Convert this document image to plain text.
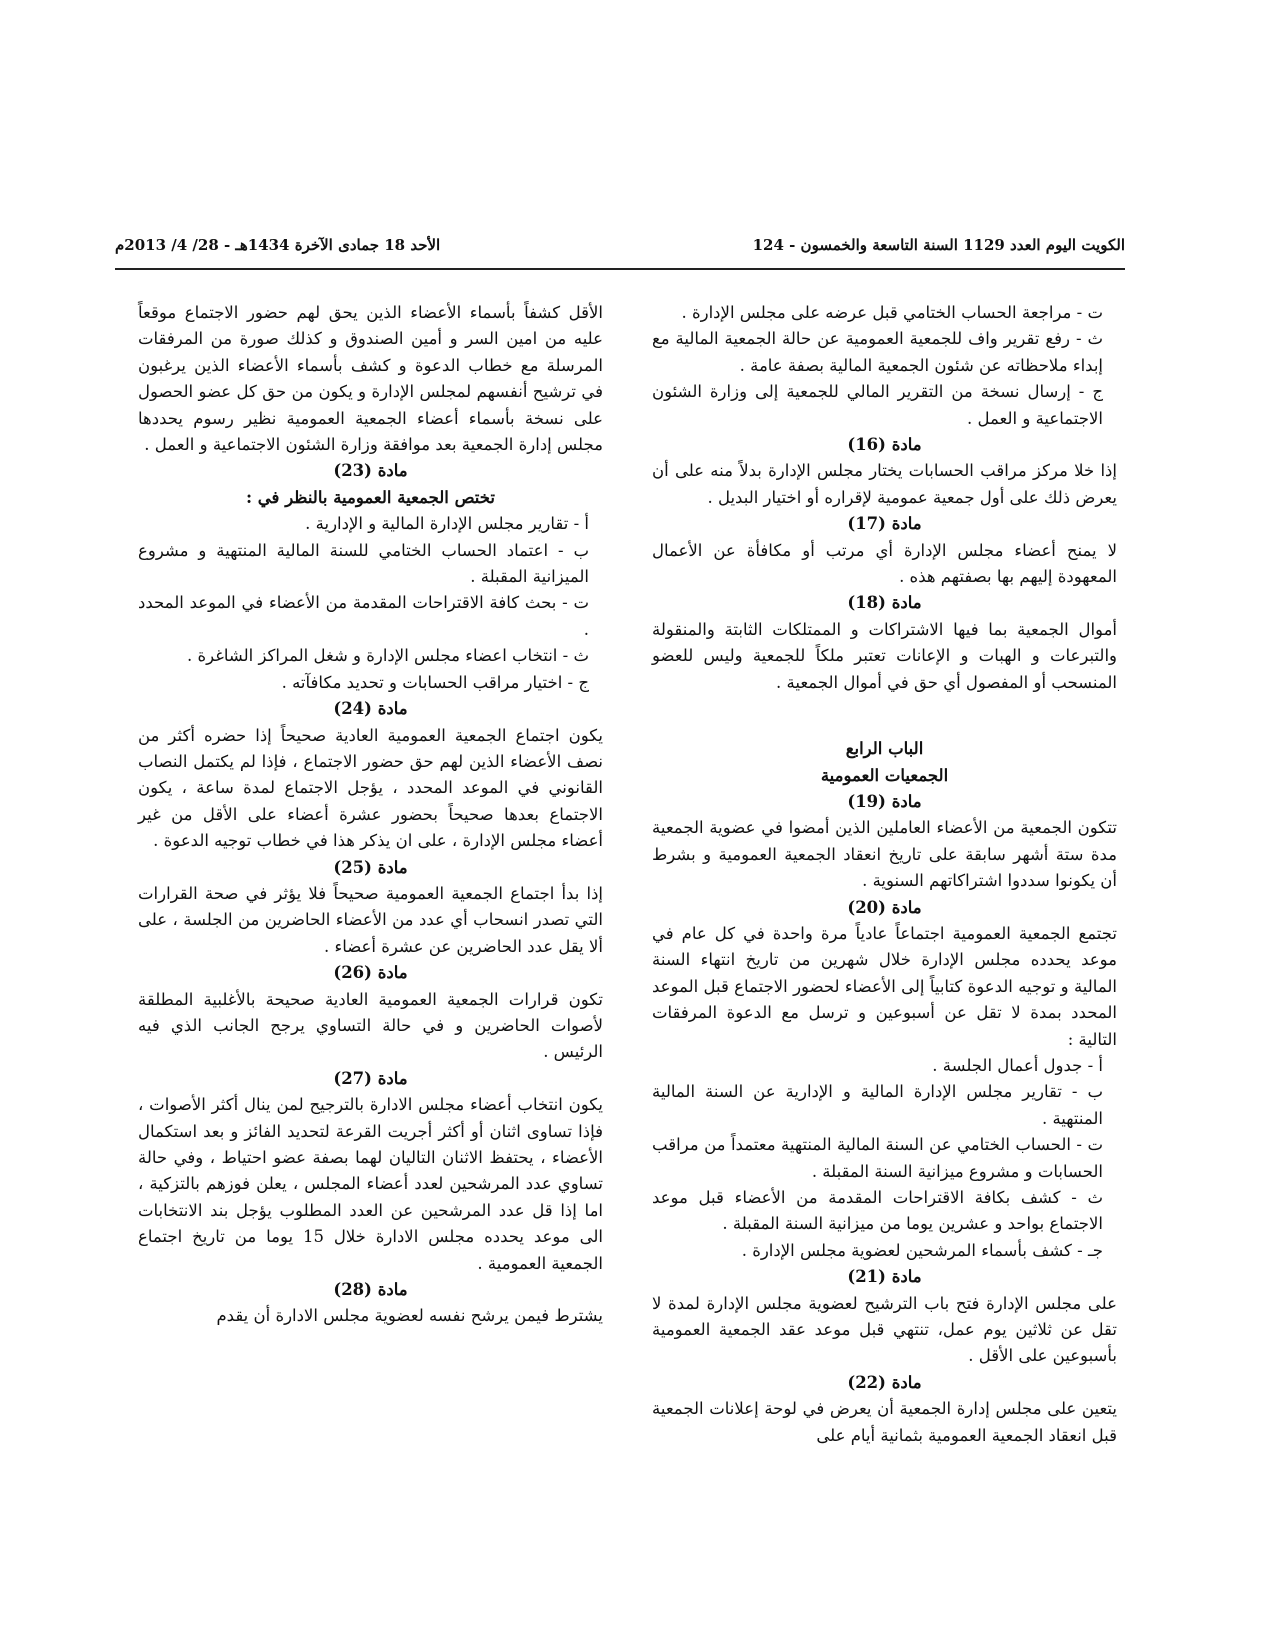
الكويت اليوم العدد 1129 السنة التاسعة والخمسون - 124
الأحد 18 جمادى الآخرة 1434هـ - 28/ 4/ 2013م

ت - مراجعة الحساب الختامي قبل عرضه على مجلس الإدارة .

ث - رفع تقرير واف للجمعية العمومية عن حالة الجمعية المالية مع إبداء ملاحظاته عن شئون الجمعية المالية بصفة عامة .

ج - إرسال نسخة من التقرير المالي للجمعية إلى وزارة الشئون الاجتماعية و العمل .

مادة (16)

إذا خلا مركز مراقب الحسابات يختار مجلس الإدارة بدلاً منه على أن يعرض ذلك على أول جمعية عمومية لإقراره أو اختيار البديل .

مادة (17)

لا يمنح أعضاء مجلس الإدارة أي مرتب أو مكافأة عن الأعمال المعهودة إليهم بها بصفتهم هذه .

مادة (18)

أموال الجمعية بما فيها الاشتراكات و الممتلكات الثابتة والمنقولة والتبرعات و الهبات و الإعانات تعتبر ملكاً للجمعية وليس للعضو المنسحب أو المفصول أي حق في أموال الجمعية .

الباب الرابع

الجمعيات العمومية

مادة (19)

تتكون الجمعية من الأعضاء العاملين الذين أمضوا في عضوية الجمعية مدة ستة أشهر سابقة على تاريخ انعقاد الجمعية العمومية و بشرط أن يكونوا سددوا اشتراكاتهم السنوية .

مادة (20)

تجتمع الجمعية العمومية اجتماعاً عادياً مرة واحدة في كل عام في موعد يحدده مجلس الإدارة خلال شهرين من تاريخ انتهاء السنة المالية و توجيه الدعوة كتابياً إلى الأعضاء لحضور الاجتماع قبل الموعد المحدد بمدة لا تقل عن أسبوعين و ترسل مع الدعوة المرفقات التالية :

أ - جدول أعمال الجلسة .

ب - تقارير مجلس الإدارة المالية و الإدارية عن السنة المالية المنتهية .

ت - الحساب الختامي عن السنة المالية المنتهية معتمداً من مراقب الحسابات و مشروع ميزانية السنة المقبلة .

ث - كشف بكافة الاقتراحات المقدمة من الأعضاء قبل موعد الاجتماع بواحد و عشرين يوما من ميزانية السنة المقبلة .

جـ - كشف بأسماء المرشحين لعضوية مجلس الإدارة .

مادة (21)

على مجلس الإدارة فتح باب الترشيح لعضوية مجلس الإدارة لمدة لا تقل عن ثلاثين يوم عمل، تنتهي قبل موعد عقد الجمعية العمومية بأسبوعين على الأقل .

مادة (22)

يتعين على مجلس إدارة الجمعية أن يعرض في لوحة إعلانات الجمعية قبل انعقاد الجمعية العمومية بثمانية أيام على

الأقل كشفاً بأسماء الأعضاء الذين يحق لهم حضور الاجتماع موقعاً عليه من امين السر و أمين الصندوق و كذلك صورة من المرفقات المرسلة مع خطاب الدعوة و كشف بأسماء الأعضاء الذين يرغبون في ترشيح أنفسهم لمجلس الإدارة و يكون من حق كل عضو الحصول على نسخة بأسماء أعضاء الجمعية العمومية نظير رسوم يحددها مجلس إدارة الجمعية بعد موافقة وزارة الشئون الاجتماعية و العمل .

مادة (23)

تختص الجمعية العمومية بالنظر في :

أ - تقارير مجلس الإدارة المالية و الإدارية .

ب - اعتماد الحساب الختامي للسنة المالية المنتهية و مشروع الميزانية المقبلة .

ت - بحث كافة الاقتراحات المقدمة من الأعضاء في الموعد المحدد .

ث - انتخاب اعضاء مجلس الإدارة و شغل المراكز الشاغرة .

ج - اختيار مراقب الحسابات و تحديد مكافآته .

مادة (24)

يكون اجتماع الجمعية العمومية العادية صحيحاً إذا حضره أكثر من نصف الأعضاء الذين لهم حق حضور الاجتماع ، فإذا لم يكتمل النصاب القانوني في الموعد المحدد ، يؤجل الاجتماع لمدة ساعة ، يكون الاجتماع بعدها صحيحاً بحضور عشرة أعضاء على الأقل من غير أعضاء مجلس الإدارة ، على ان يذكر هذا في خطاب توجيه الدعوة .

مادة (25)

إذا بدأ اجتماع الجمعية العمومية صحيحاً فلا يؤثر في صحة القرارات التي تصدر انسحاب أي عدد من الأعضاء الحاضرين من الجلسة ، على ألا يقل عدد الحاضرين عن عشرة أعضاء .

مادة (26)

تكون قرارات الجمعية العمومية العادية صحيحة بالأغلبية المطلقة لأصوات الحاضرين و في حالة التساوي يرجح الجانب الذي فيه الرئيس .

مادة (27)

يكون انتخاب أعضاء مجلس الادارة بالترجيح لمن ينال أكثر الأصوات ، فإذا تساوى اثنان أو أكثر أجريت القرعة لتحديد الفائز و بعد استكمال الأعضاء ، يحتفظ الاثنان التاليان لهما بصفة عضو احتياط ، وفي حالة تساوي عدد المرشحين لعدد أعضاء المجلس ، يعلن فوزهم بالتزكية ، اما إذا قل عدد المرشحين عن العدد المطلوب يؤجل بند الانتخابات الى موعد يحدده مجلس الادارة خلال 15 يوما من تاريخ اجتماع الجمعية العمومية .

مادة (28)

يشترط فيمن يرشح نفسه لعضوية مجلس الادارة أن يقدم
